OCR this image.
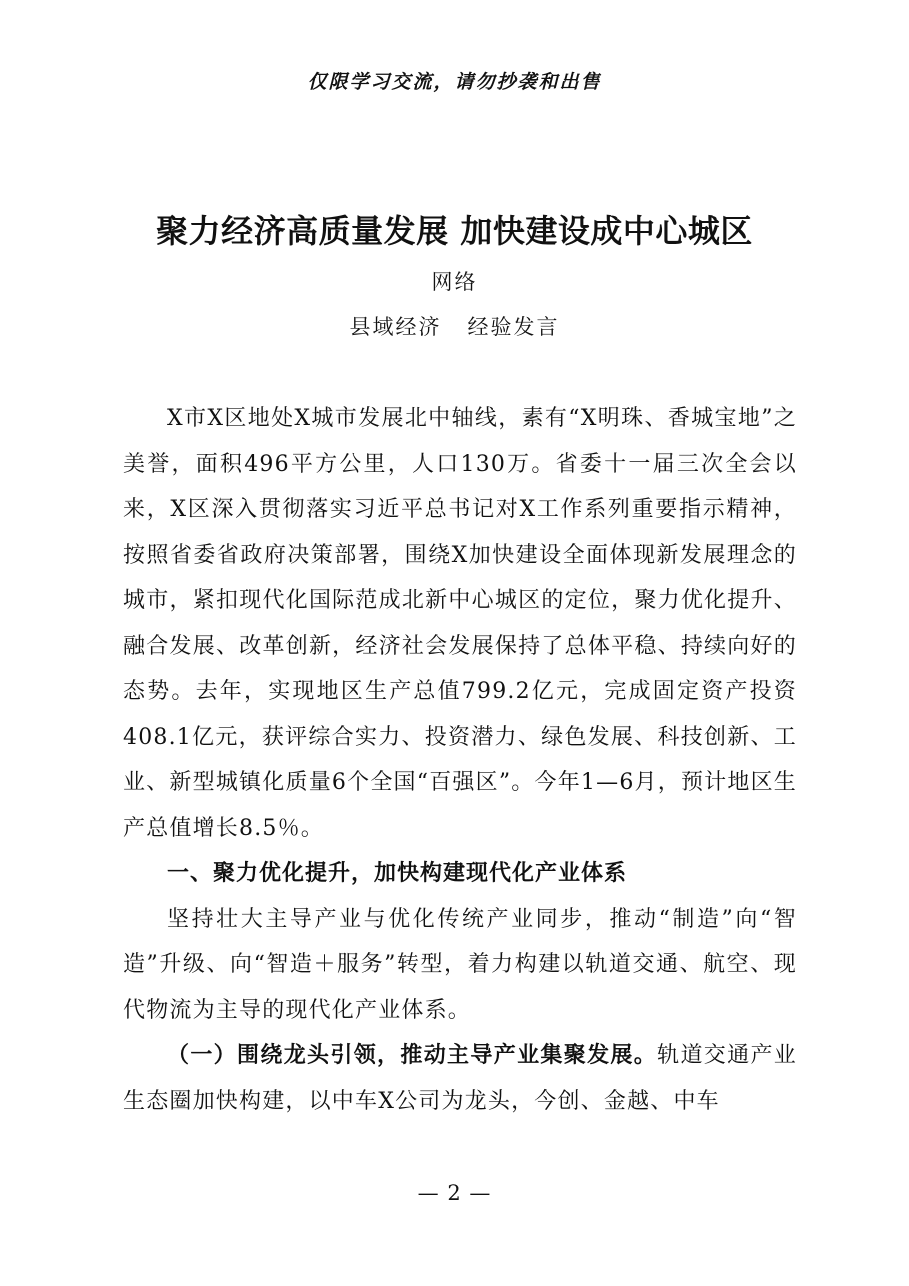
仅限学习交流，请勿抄袭和出售
聚力经济高质量发展 加快建设成中心城区
网络
县域经济 经验发言

X市X区地处X城市发展北中轴线，素有“X明珠、香城宝地”之美誉，面积496平方公里，人口130万。省委十一届三次全会以来，X区深入贯彻落实习近平总书记对X工作系列重要指示精神，按照省委省政府决策部署，围绕X加快建设全面体现新发展理念的城市，紧扣现代化国际范成北新中心城区的定位，聚力优化提升、融合发展、改革创新，经济社会发展保持了总体平稳、持续向好的态势。去年，实现地区生产总值799.2亿元，完成固定资产投资408.1亿元，获评综合实力、投资潜力、绿色发展、科技创新、工业、新型城镇化质量6个全国“百强区”。今年1—6月，预计地区生产总值增长8.5％。

一、聚力优化提升，加快构建现代化产业体系

坚持壮大主导产业与优化传统产业同步，推动“制造”向“智造”升级、向“智造＋服务”转型，着力构建以轨道交通、航空、现代物流为主导的现代化产业体系。

（一）围绕龙头引领，推动主导产业集聚发展。轨道交通产业生态圈加快构建，以中车X公司为龙头，今创、金越、中车

— 2 —
